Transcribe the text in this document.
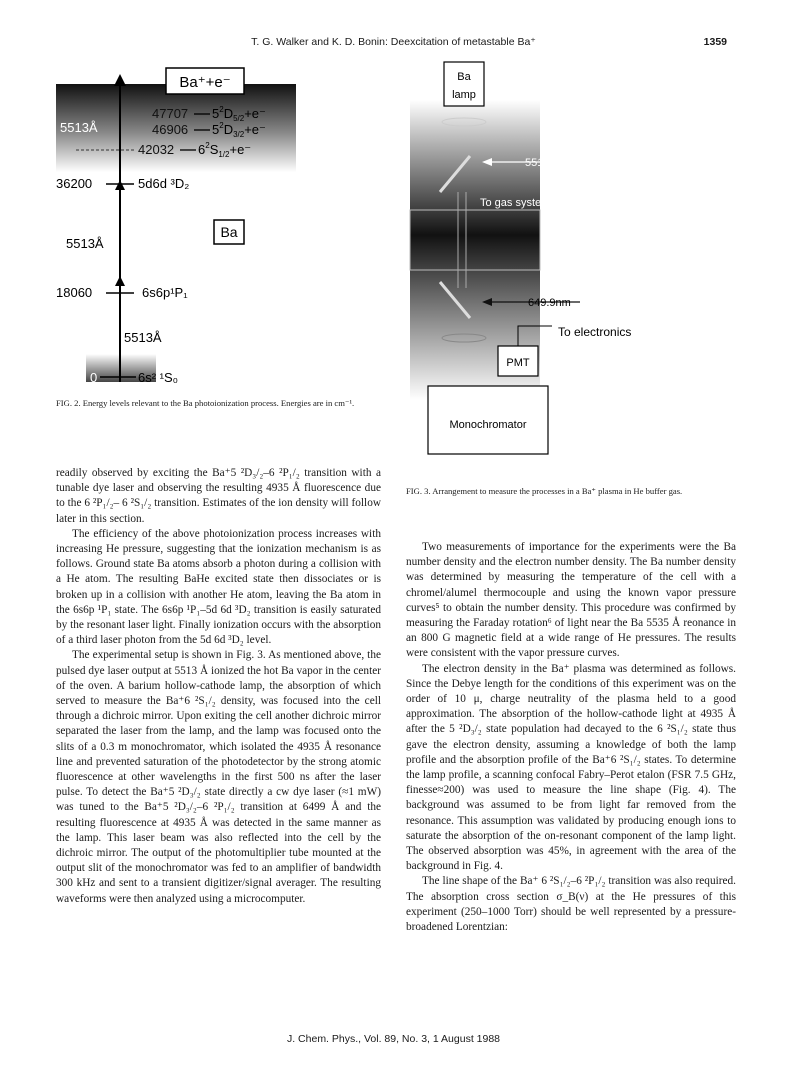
T. G. Walker and K. D. Bonin: Deexcitation of metastable Ba⁺	1359
Ba⁺+e⁻
5513Å
47707 $5^2D_{5/2}+e^-$
46906 $5^2D_{3/2}+e^-$
42032 $6^2S_{1/2}+e^-$
36200	5d6d ³D₂
Ba
5513Å
18060	6s6p¹P₁
5513Å
0	6s² ¹S₀
FIG. 2. Energy levels relevant to the Ba photoionization process. Energies are in cm⁻¹.
Ba
lamp
551.3nm
To gas system
649.9nm
PMT
To electronics
Monochromator
FIG. 3. Arrangement to measure the processes in a Ba⁺ plasma in He buffer gas.

readily observed by exciting the Ba⁺5 ²D₃/₂–6 ²P₁/₂ transition with a tunable dye laser and observing the resulting 4935 Å fluorescence due to the 6 ²P₁/₂– 6 ²S₁/₂ transition. Estimates of the ion density will follow later in this section.

The efficiency of the above photoionization process increases with increasing He pressure, suggesting that the ionization mechanism is as follows. Ground state Ba atoms absorb a photon during a collision with a He atom. The resulting BaHe excited state then dissociates or is broken up in a collision with another He atom, leaving the Ba atom in the 6s6p ¹P₁ state. The 6s6p ¹P₁–5d 6d ³D₂ transition is easily saturated by the resonant laser light. Finally ionization occurs with the absorption of a third laser photon from the 5d 6d ³D₂ level.

The experimental setup is shown in Fig. 3. As mentioned above, the pulsed dye laser output at 5513 Å ionized the hot Ba vapor in the center of the oven. A barium hollow-cathode lamp, the absorption of which served to measure the Ba⁺6 ²S₁/₂ density, was focused into the cell through a dichroic mirror. Upon exiting the cell another dichroic mirror separated the laser from the lamp, and the lamp was focused onto the slits of a 0.3 m monochromator, which isolated the 4935 Å resonance line and prevented saturation of the photodetector by the strong atomic fluorescence at other wavelengths in the first 500 ns after the laser pulse. To detect the Ba⁺5 ²D₃/₂ state directly a cw dye laser (≈1 mW) was tuned to the Ba⁺5 ²D₃/₂–6 ²P₁/₂ transition at 6499 Å and the resulting fluorescence at 4935 Å was detected in the same manner as the lamp. This laser beam was also reflected into the cell by the dichroic mirror. The output of the photomultiplier tube mounted at the output slit of the monochromator was fed to an amplifier of bandwidth 300 kHz and sent to a transient digitizer/signal averager. The resulting waveforms were then analyzed using a microcomputer.

Two measurements of importance for the experiments were the Ba number density and the electron number density. The Ba number density was determined by measuring the temperature of the cell with a chromel/alumel thermocouple and using the known vapor pressure curves⁵ to obtain the number density. This procedure was confirmed by measuring the Faraday rotation⁶ of light near the Ba 5535 Å reonance in an 800 G magnetic field at a wide range of He pressures. The results were consistent with the vapor pressure curves.

The electron density in the Ba⁺ plasma was determined as follows. Since the Debye length for the conditions of this experiment was on the order of 10 μ, charge neutrality of the plasma held to a good approximation. The absorption of the hollow-cathode light at 4935 Å after the 5 ²D₃/₂ state population had decayed to the 6 ²S₁/₂ state thus gave the electron density, assuming a knowledge of both the lamp profile and the absorption profile of the Ba⁺6 ²S₁/₂ states. To determine the lamp profile, a scanning confocal Fabry–Perot etalon (FSR 7.5 GHz, finesse≈200) was used to measure the line shape (Fig. 4). The background was assumed to be from light far removed from the resonance. This assumption was validated by producing enough ions to saturate the absorption of the on-resonant component of the lamp light. The observed absorption was 45%, in agreement with the area of the background in Fig. 4.

The line shape of the Ba⁺ 6 ²S₁/₂–6 ²P₁/₂ transition was also required. The absorption cross section σ_B(ν) at the He pressures of this experiment (250–1000 Torr) should be well represented by a pressure-broadened Lorentzian:

J. Chem. Phys., Vol. 89, No. 3, 1 August 1988
